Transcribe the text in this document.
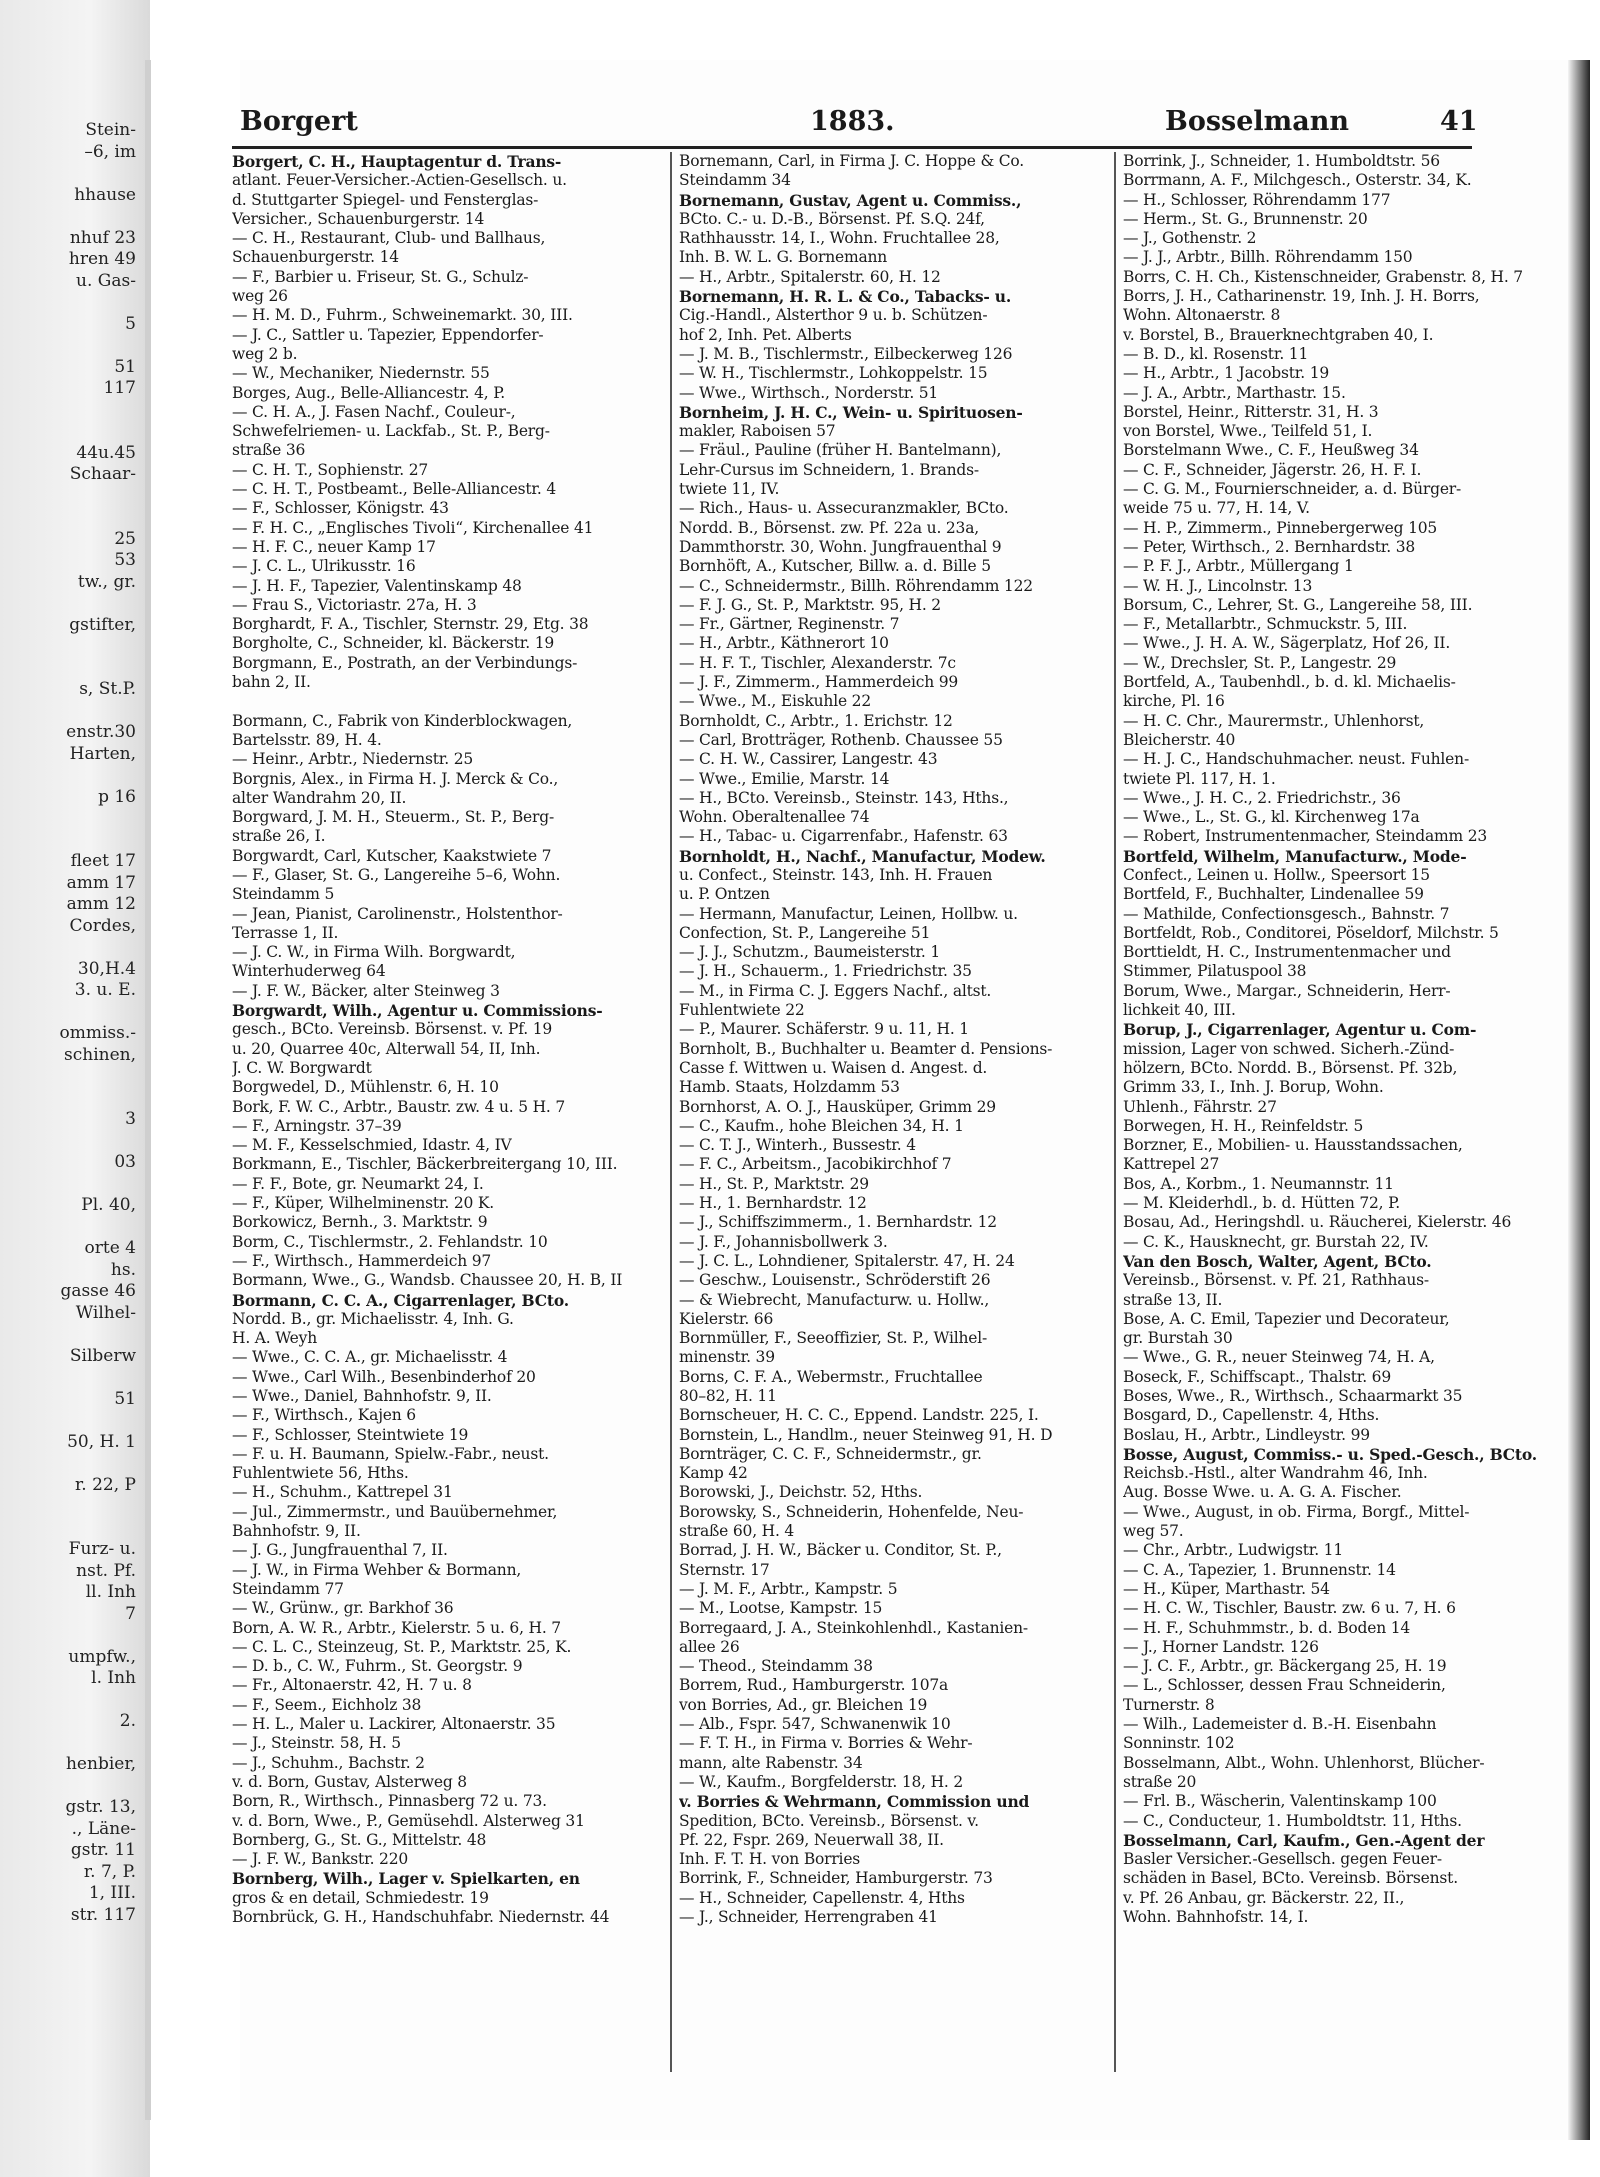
Stein-
–6, im
hhause
nhuf 23
hren 49
u. Gas-
5
51
117
44u.45
Schaar-
25
53
tw., gr.
gstifter,
s, St.P.
enstr.30
Harten,
p 16
fleet 17
amm 17
amm 12
Cordes,
30,H.4
3. u. E.
ommiss.-
schinen,
3
03
Pl. 40,
orte 4
hs.
gasse 46
Wilhel-
Silberw
51
50, H. 1
r. 22, P
Furz- u.
nst. Pf.
ll. Inh
7
umpfw.,
l. Inh
2.
henbier,
gstr. 13,
., Läne-
gstr. 11
r. 7, P.
1, III.
str. 117
Borgert	1883.	Bosselmann	41
Borgert, C. H., Hauptagentur d. Trans-
atlant. Feuer-Versicher.-Actien-Gesellsch. u.
d. Stuttgarter Spiegel- und Fensterglas-
Versicher., Schauenburgerstr. 14
— C. H., Restaurant, Club- und Ballhaus,
Schauenburgerstr. 14
— F., Barbier u. Friseur, St. G., Schulz-
weg 26
— H. M. D., Fuhrm., Schweinemarkt. 30, III.
— J. C., Sattler u. Tapezier, Eppendorfer-
weg 2 b.
— W., Mechaniker, Niedernstr. 55
Borges, Aug., Belle-Alliancestr. 4, P.
— C. H. A., J. Fasen Nachf., Couleur-,
Schwefelriemen- u. Lackfab., St. P., Berg-
straße 36
— C. H. T., Sophienstr. 27
— C. H. T., Postbeamt., Belle-Alliancestr. 4
— F., Schlosser, Königstr. 43
— F. H. C., „Englisches Tivoli“, Kirchenallee 41
— H. F. C., neuer Kamp 17
— J. C. L., Ulrikusstr. 16
— J. H. F., Tapezier, Valentinskamp 48
— Frau S., Victoriastr. 27a, H. 3
Borghardt, F. A., Tischler, Sternstr. 29, Etg. 38
Borgholte, C., Schneider, kl. Bäckerstr. 19
Borgmann, E., Postrath, an der Verbindungs-
bahn 2, II.
Bormann, C., Fabrik von Kinderblockwagen,
Bartelsstr. 89, H. 4.
— Heinr., Arbtr., Niedernstr. 25
Borgnis, Alex., in Firma H. J. Merck & Co.,
alter Wandrahm 20, II.
Borgward, J. M. H., Steuerm., St. P., Berg-
straße 26, I.
Borgwardt, Carl, Kutscher, Kaakstwiete 7
— F., Glaser, St. G., Langereihe 5–6, Wohn.
Steindamm 5
— Jean, Pianist, Carolinenstr., Holstenthor-
Terrasse 1, II.
— J. C. W., in Firma Wilh. Borgwardt,
Winterhuderweg 64
— J. F. W., Bäcker, alter Steinweg 3
Borgwardt, Wilh., Agentur u. Commissions-
gesch., BCto. Vereinsb. Börsenst. v. Pf. 19
u. 20, Quarree 40c, Alterwall 54, II, Inh.
J. C. W. Borgwardt
Borgwedel, D., Mühlenstr. 6, H. 10
Bork, F. W. C., Arbtr., Baustr. zw. 4 u. 5 H. 7
— F., Arningstr. 37–39
— M. F., Kesselschmied, Idastr. 4, IV
Borkmann, E., Tischler, Bäckerbreitergang 10, III.
— F. F., Bote, gr. Neumarkt 24, I.
— F., Küper, Wilhelminenstr. 20 K.
Borkowicz, Bernh., 3. Marktstr. 9
Borm, C., Tischlermstr., 2. Fehlandstr. 10
— F., Wirthsch., Hammerdeich 97
Bormann, Wwe., G., Wandsb. Chaussee 20, H. B, II
Bormann, C. C. A., Cigarrenlager, BCto.
Nordd. B., gr. Michaelisstr. 4, Inh. G.
H. A. Weyh
— Wwe., C. C. A., gr. Michaelisstr. 4
— Wwe., Carl Wilh., Besenbinderhof 20
— Wwe., Daniel, Bahnhofstr. 9, II.
— F., Wirthsch., Kajen 6
— F., Schlosser, Steintwiete 19
— F. u. H. Baumann, Spielw.-Fabr., neust.
Fuhlentwiete 56, Hths.
— H., Schuhm., Kattrepel 31
— Jul., Zimmermstr., und Bauübernehmer,
Bahnhofstr. 9, II.
— J. G., Jungfrauenthal 7, II.
— J. W., in Firma Wehber & Bormann,
Steindamm 77
— W., Grünw., gr. Barkhof 36
Born, A. W. R., Arbtr., Kielerstr. 5 u. 6, H. 7
— C. L. C., Steinzeug, St. P., Marktstr. 25, K.
— D. b., C. W., Fuhrm., St. Georgstr. 9
— Fr., Altonaerstr. 42, H. 7 u. 8
— F., Seem., Eichholz 38
— H. L., Maler u. Lackirer, Altonaerstr. 35
— J., Steinstr. 58, H. 5
— J., Schuhm., Bachstr. 2
v. d. Born, Gustav, Alsterweg 8
Born, R., Wirthsch., Pinnasberg 72 u. 73.
v. d. Born, Wwe., P., Gemüsehdl. Alsterweg 31
Bornberg, G., St. G., Mittelstr. 48
— J. F. W., Bankstr. 220
Bornberg, Wilh., Lager v. Spielkarten, en
gros & en detail, Schmiedestr. 19
Bornbrück, G. H., Handschuhfabr. Niedernstr. 44
Bornemann, Carl, in Firma J. C. Hoppe & Co.
Steindamm 34
Bornemann, Gustav, Agent u. Commiss.,
BCto. C.- u. D.-B., Börsenst. Pf. S.Q. 24f,
Rathhausstr. 14, I., Wohn. Fruchtallee 28,
Inh. B. W. L. G. Bornemann
— H., Arbtr., Spitalerstr. 60, H. 12
Bornemann, H. R. L. & Co., Tabacks- u.
Cig.-Handl., Alsterthor 9 u. b. Schützen-
hof 2, Inh. Pet. Alberts
— J. M. B., Tischlermstr., Eilbeckerweg 126
— W. H., Tischlermstr., Lohkoppelstr. 15
— Wwe., Wirthsch., Norderstr. 51
Bornheim, J. H. C., Wein- u. Spirituosen-
makler, Raboisen 57
— Fräul., Pauline (früher H. Bantelmann),
Lehr-Cursus im Schneidern, 1. Brands-
twiete 11, IV.
— Rich., Haus- u. Assecuranzmakler, BCto.
Nordd. B., Börsenst. zw. Pf. 22a u. 23a,
Dammthorstr. 30, Wohn. Jungfrauenthal 9
Bornhöft, A., Kutscher, Billw. a. d. Bille 5
— C., Schneidermstr., Billh. Röhrendamm 122
— F. J. G., St. P., Marktstr. 95, H. 2
— Fr., Gärtner, Reginenstr. 7
— H., Arbtr., Käthnerort 10
— H. F. T., Tischler, Alexanderstr. 7c
— J. F., Zimmerm., Hammerdeich 99
— Wwe., M., Eiskuhle 22
Bornholdt, C., Arbtr., 1. Erichstr. 12
— Carl, Brotträger, Rothenb. Chaussee 55
— C. H. W., Cassirer, Langestr. 43
— Wwe., Emilie, Marstr. 14
— H., BCto. Vereinsb., Steinstr. 143, Hths.,
Wohn. Oberaltenallee 74
— H., Tabac- u. Cigarrenfabr., Hafenstr. 63
Bornholdt, H., Nachf., Manufactur, Modew.
u. Confect., Steinstr. 143, Inh. H. Frauen
u. P. Ontzen
— Hermann, Manufactur, Leinen, Hollbw. u.
Confection, St. P., Langereihe 51
— J. J., Schutzm., Baumeisterstr. 1
— J. H., Schauerm., 1. Friedrichstr. 35
— M., in Firma C. J. Eggers Nachf., altst.
Fuhlentwiete 22
— P., Maurer. Schäferstr. 9 u. 11, H. 1
Bornholt, B., Buchhalter u. Beamter d. Pensions-
Casse f. Wittwen u. Waisen d. Angest. d.
Hamb. Staats, Holzdamm 53
Bornhorst, A. O. J., Hausküper, Grimm 29
— C., Kaufm., hohe Bleichen 34, H. 1
— C. T. J., Winterh., Bussestr. 4
— F. C., Arbeitsm., Jacobikirchhof 7
— H., St. P., Marktstr. 29
— H., 1. Bernhardstr. 12
— J., Schiffszimmerm., 1. Bernhardstr. 12
— J. F., Johannisbollwerk 3.
— J. C. L., Lohndiener, Spitalerstr. 47, H. 24
— Geschw., Louisenstr., Schröderstift 26
— & Wiebrecht, Manufacturw. u. Hollw.,
Kielerstr. 66
Bornmüller, F., Seeoffizier, St. P., Wilhel-
minenstr. 39
Borns, C. F. A., Webermstr., Fruchtallee
80–82, H. 11
Bornscheuer, H. C. C., Eppend. Landstr. 225, I.
Bornstein, L., Handlm., neuer Steinweg 91, H. D
Bornträger, C. C. F., Schneidermstr., gr.
Kamp 42
Borowski, J., Deichstr. 52, Hths.
Borowsky, S., Schneiderin, Hohenfelde, Neu-
straße 60, H. 4
Borrad, J. H. W., Bäcker u. Conditor, St. P.,
Sternstr. 17
— J. M. F., Arbtr., Kampstr. 5
— M., Lootse, Kampstr. 15
Borregaard, J. A., Steinkohlenhdl., Kastanien-
allee 26
— Theod., Steindamm 38
Borrem, Rud., Hamburgerstr. 107a
von Borries, Ad., gr. Bleichen 19
— Alb., Fspr. 547, Schwanenwik 10
— F. T. H., in Firma v. Borries & Wehr-
mann, alte Rabenstr. 34
— W., Kaufm., Borgfelderstr. 18, H. 2
v. Borries & Wehrmann, Commission und
Spedition, BCto. Vereinsb., Börsenst. v.
Pf. 22, Fspr. 269, Neuerwall 38, II.
Inh. F. T. H. von Borries
Borrink, F., Schneider, Hamburgerstr. 73
— H., Schneider, Capellenstr. 4, Hths
— J., Schneider, Herrengraben 41
Borrink, J., Schneider, 1. Humboldtstr. 56
Borrmann, A. F., Milchgesch., Osterstr. 34, K.
— H., Schlosser, Röhrendamm 177
— Herm., St. G., Brunnenstr. 20
— J., Gothenstr. 2
— J. J., Arbtr., Billh. Röhrendamm 150
Borrs, C. H. Ch., Kistenschneider, Grabenstr. 8, H. 7
Borrs, J. H., Catharinenstr. 19, Inh. J. H. Borrs,
Wohn. Altonaerstr. 8
v. Borstel, B., Brauerknechtgraben 40, I.
— B. D., kl. Rosenstr. 11
— H., Arbtr., 1 Jacobstr. 19
— J. A., Arbtr., Marthastr. 15.
Borstel, Heinr., Ritterstr. 31, H. 3
von Borstel, Wwe., Teilfeld 51, I.
Borstelmann Wwe., C. F., Heußweg 34
— C. F., Schneider, Jägerstr. 26, H. F. I.
— C. G. M., Fournierschneider, a. d. Bürger-
weide 75 u. 77, H. 14, V.
— H. P., Zimmerm., Pinnebergerweg 105
— Peter, Wirthsch., 2. Bernhardstr. 38
— P. F. J., Arbtr., Müllergang 1
— W. H. J., Lincolnstr. 13
Borsum, C., Lehrer, St. G., Langereihe 58, III.
— F., Metallarbtr., Schmuckstr. 5, III.
— Wwe., J. H. A. W., Sägerplatz, Hof 26, II.
— W., Drechsler, St. P., Langestr. 29
Bortfeld, A., Taubenhdl., b. d. kl. Michaelis-
kirche, Pl. 16
— H. C. Chr., Maurermstr., Uhlenhorst,
Bleicherstr. 40
— H. J. C., Handschuhmacher. neust. Fuhlen-
twiete Pl. 117, H. 1.
— Wwe., J. H. C., 2. Friedrichstr., 36
— Wwe., L., St. G., kl. Kirchenweg 17a
— Robert, Instrumentenmacher, Steindamm 23
Bortfeld, Wilhelm, Manufacturw., Mode-
Confect., Leinen u. Hollw., Speersort 15
Bortfeld, F., Buchhalter, Lindenallee 59
— Mathilde, Confectionsgesch., Bahnstr. 7
Bortfeldt, Rob., Conditorei, Pöseldorf, Milchstr. 5
Borttieldt, H. C., Instrumentenmacher und
Stimmer, Pilatuspool 38
Borum, Wwe., Margar., Schneiderin, Herr-
lichkeit 40, III.
Borup, J., Cigarrenlager, Agentur u. Com-
mission, Lager von schwed. Sicherh.-Zünd-
hölzern, BCto. Nordd. B., Börsenst. Pf. 32b,
Grimm 33, I., Inh. J. Borup, Wohn.
Uhlenh., Fährstr. 27
Borwegen, H. H., Reinfeldstr. 5
Borzner, E., Mobilien- u. Hausstandssachen,
Kattrepel 27
Bos, A., Korbm., 1. Neumannstr. 11
— M. Kleiderhdl., b. d. Hütten 72, P.
Bosau, Ad., Heringshdl. u. Räucherei, Kielerstr. 46
— C. K., Hausknecht, gr. Burstah 22, IV.
Van den Bosch, Walter, Agent, BCto.
Vereinsb., Börsenst. v. Pf. 21, Rathhaus-
straße 13, II.
Bose, A. C. Emil, Tapezier und Decorateur,
gr. Burstah 30
— Wwe., G. R., neuer Steinweg 74, H. A,
Boseck, F., Schiffscapt., Thalstr. 69
Boses, Wwe., R., Wirthsch., Schaarmarkt 35
Bosgard, D., Capellenstr. 4, Hths.
Boslau, H., Arbtr., Lindleystr. 99
Bosse, August, Commiss.- u. Sped.-Gesch., BCto.
Reichsb.-Hstl., alter Wandrahm 46, Inh.
Aug. Bosse Wwe. u. A. G. A. Fischer.
— Wwe., August, in ob. Firma, Borgf., Mittel-
weg 57.
— Chr., Arbtr., Ludwigstr. 11
— C. A., Tapezier, 1. Brunnenstr. 14
— H., Küper, Marthastr. 54
— H. C. W., Tischler, Baustr. zw. 6 u. 7, H. 6
— H. F., Schuhmmstr., b. d. Boden 14
— J., Horner Landstr. 126
— J. C. F., Arbtr., gr. Bäckergang 25, H. 19
— L., Schlosser, dessen Frau Schneiderin,
Turnerstr. 8
— Wilh., Lademeister d. B.-H. Eisenbahn
Sonninstr. 102
Bosselmann, Albt., Wohn. Uhlenhorst, Blücher-
straße 20
— Frl. B., Wäscherin, Valentinskamp 100
— C., Conducteur, 1. Humboldtstr. 11, Hths.
Bosselmann, Carl, Kaufm., Gen.-Agent der
Basler Versicher.-Gesellsch. gegen Feuer-
schäden in Basel, BCto. Vereinsb. Börsenst.
v. Pf. 26 Anbau, gr. Bäckerstr. 22, II.,
Wohn. Bahnhofstr. 14, I.
